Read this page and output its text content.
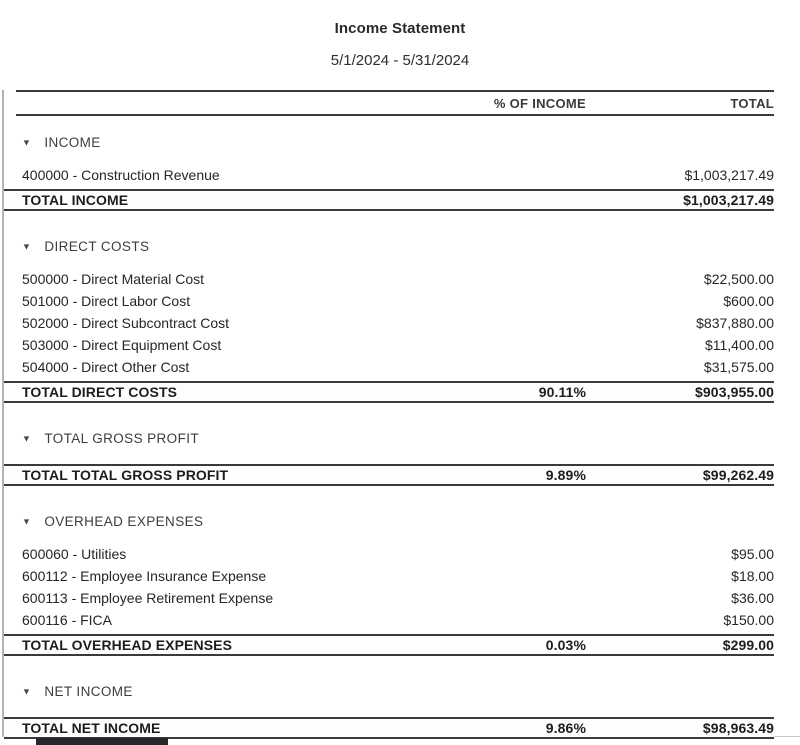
Income Statement
5/1/2024 - 5/31/2024
% OF INCOME	TOTAL
▼ INCOME
400000 - Construction Revenue	$1,003,217.49
TOTAL INCOME	$1,003,217.49
▼ DIRECT COSTS
500000 - Direct Material Cost	$22,500.00
501000 - Direct Labor Cost	$600.00
502000 - Direct Subcontract Cost	$837,880.00
503000 - Direct Equipment Cost	$11,400.00
504000 - Direct Other Cost	$31,575.00
TOTAL DIRECT COSTS	90.11%	$903,955.00
▼ TOTAL GROSS PROFIT
TOTAL TOTAL GROSS PROFIT	9.89%	$99,262.49
▼ OVERHEAD EXPENSES
600060 - Utilities	$95.00
600112 - Employee Insurance Expense	$18.00
600113 - Employee Retirement Expense	$36.00
600116 - FICA	$150.00
TOTAL OVERHEAD EXPENSES	0.03%	$299.00
▼ NET INCOME
TOTAL NET INCOME	9.86%	$98,963.49
